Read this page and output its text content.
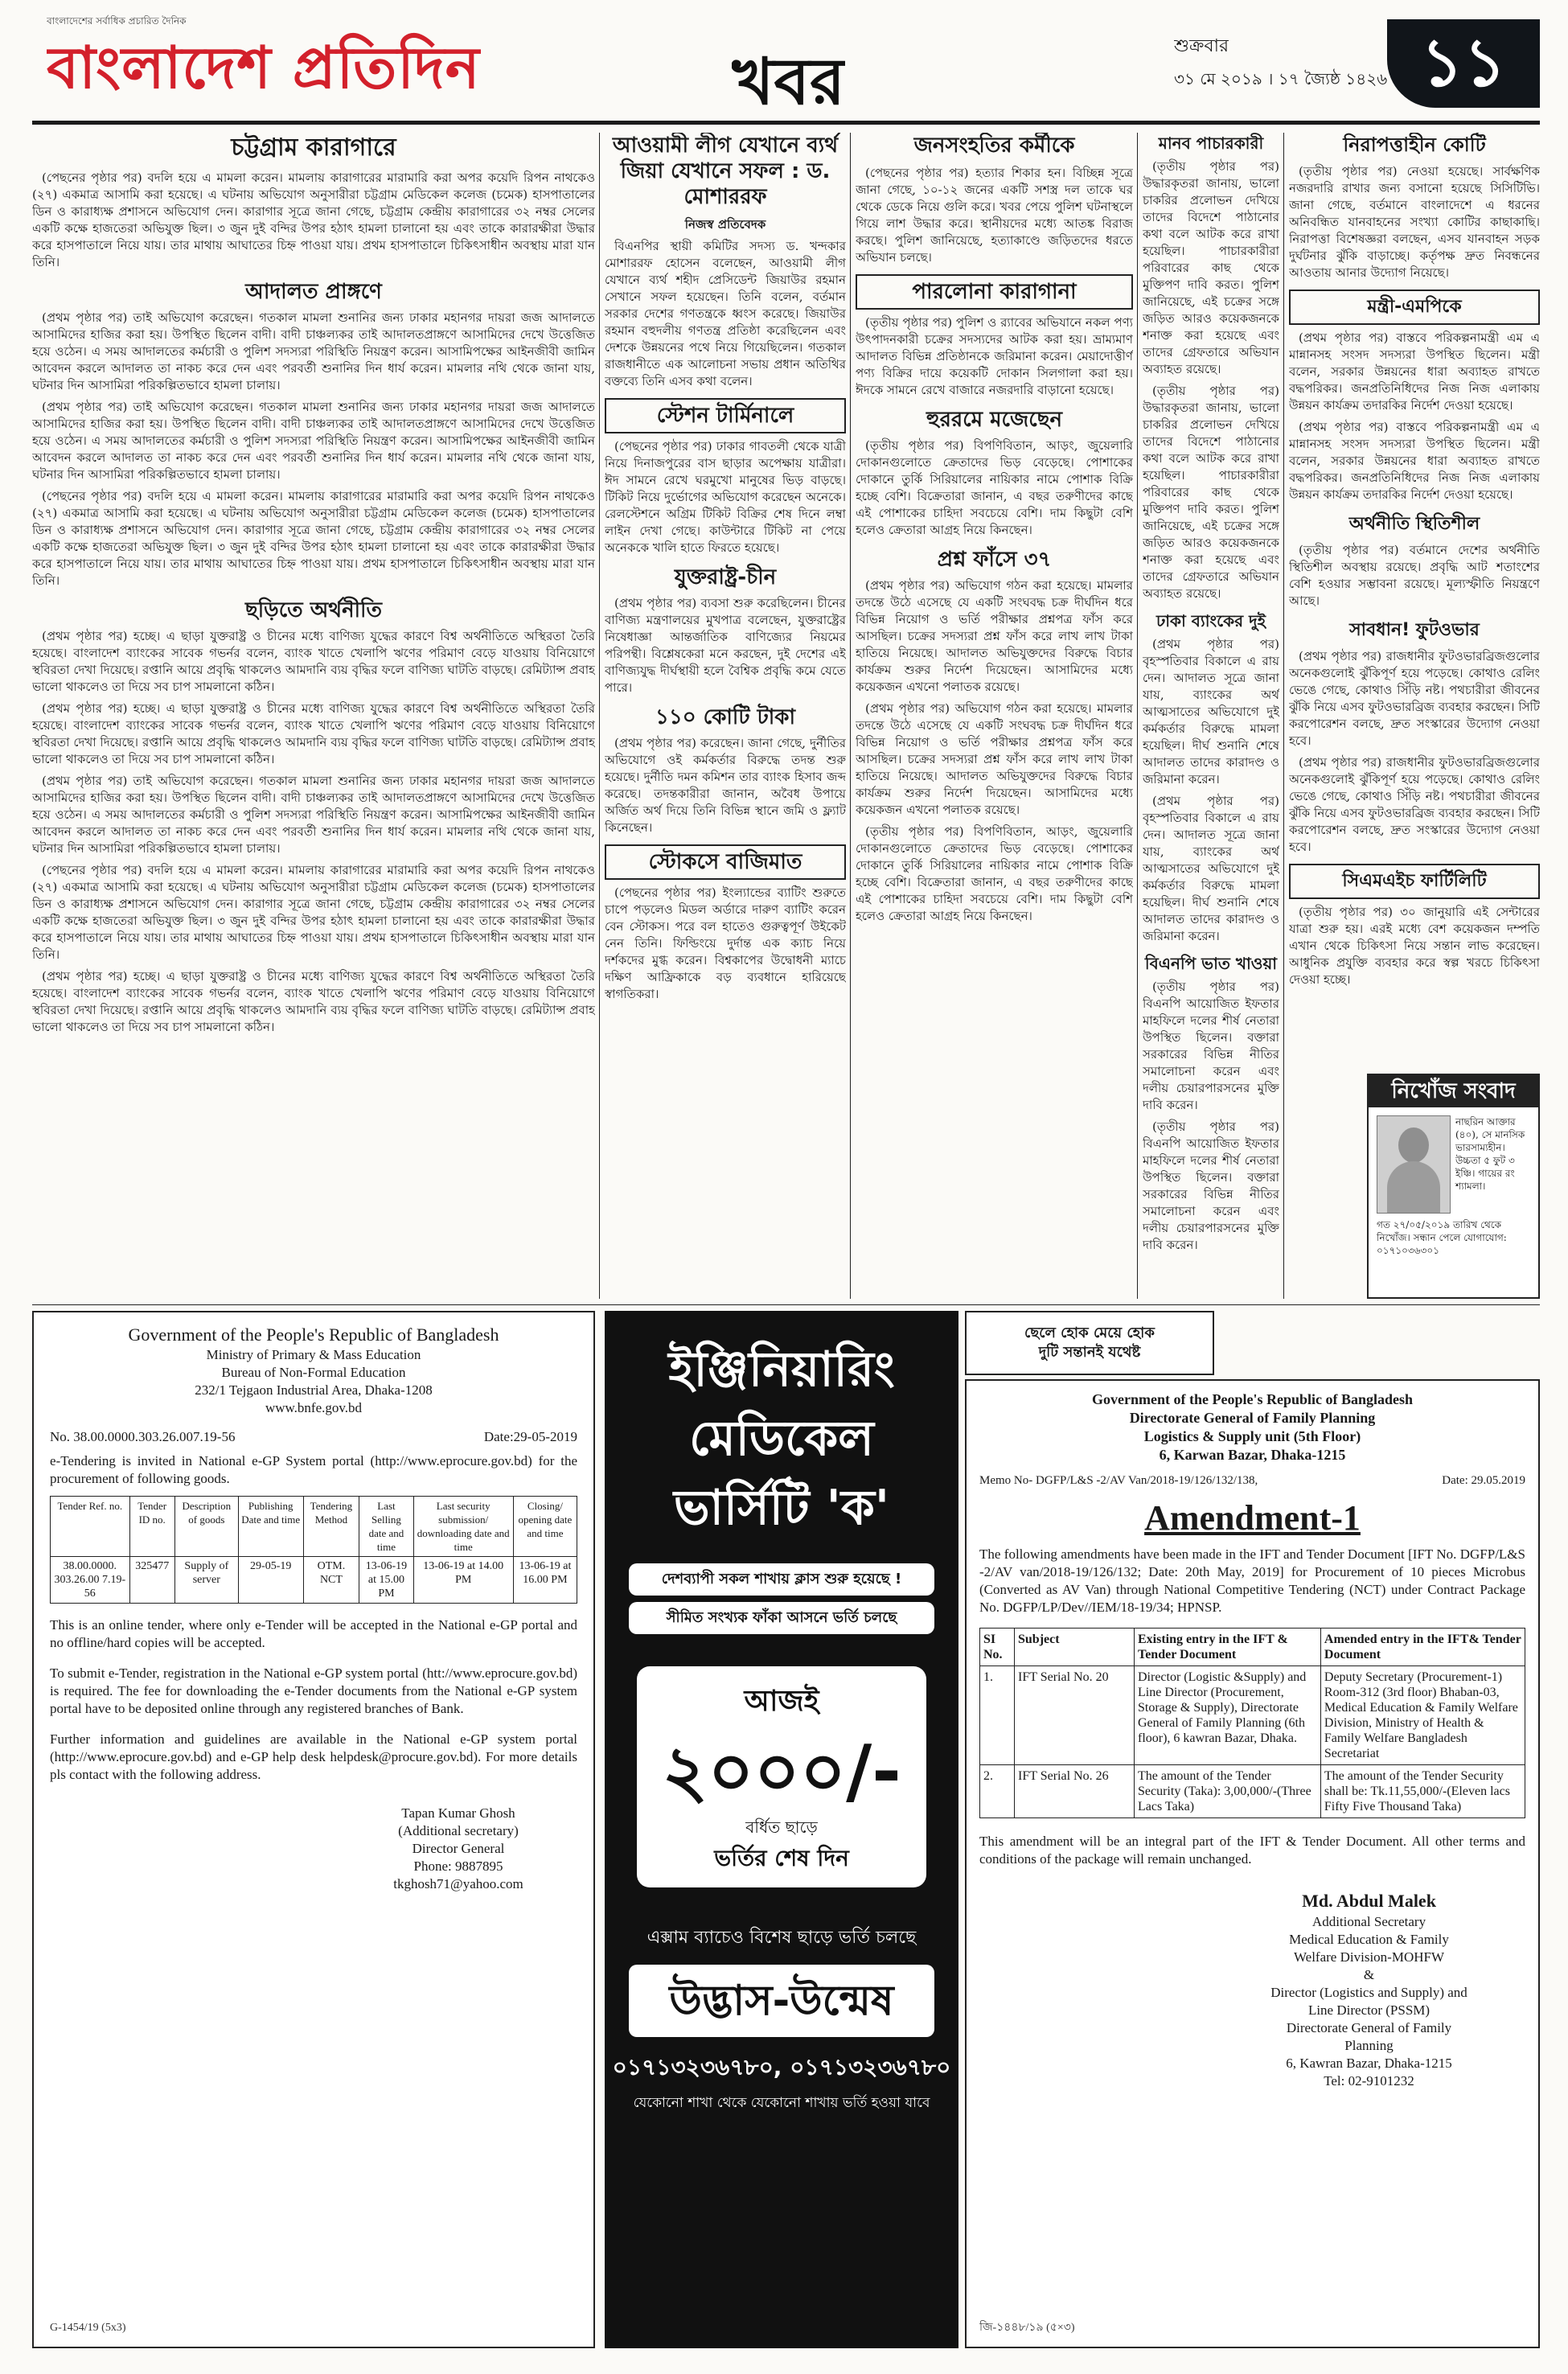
বাংলাদেশের সর্বাধিক প্রচারিত দৈনিক
বাংলাদেশ প্রতিদিন	খবর	শুক্রবার
৩১ মে ২০১৯ । ১৭ জ্যৈষ্ঠ ১৪২৬ ১১
চট্টগ্রাম কারাগারে

(পেছনের পৃষ্ঠার পর) বদলি হয়ে এ মামলা করেন। মামলায় কারাগারের মারামারি করা অপর কয়েদি রিপন নাথকেও (২৭) একমাত্র আসামি করা হয়েছে। এ ঘটনায় অভিযোগ অনুসারীরা চট্টগ্রাম মেডিকেল কলেজ (চমেক) হাসপাতালের ডিন ও কারাধ্যক্ষ প্রশাসনে অভিযোগ দেন। কারাগার সূত্রে জানা গেছে, চট্টগ্রাম কেন্দ্রীয় কারাগারের ৩২ নম্বর সেলের একটি কক্ষে হাজতেরা অভিযুক্ত ছিল। ৩ জুন দুই বন্দির উপর হঠাৎ হামলা চালানো হয় এবং তাকে কারারক্ষীরা উদ্ধার করে হাসপাতালে নিয়ে যায়। তার মাথায় আঘাতের চিহ্ন পাওয়া যায়। প্রথম হাসপাতালে চিকিৎসাধীন অবস্থায় মারা যান তিনি।

আদালত প্রাঙ্গণে

(প্রথম পৃষ্ঠার পর) তাই অভিযোগ করেছেন। গতকাল মামলা শুনানির জন্য ঢাকার মহানগর দায়রা জজ আদালতে আসামিদের হাজির করা হয়। উপস্থিত ছিলেন বাদী। বাদী চাঞ্চল্যকর তাই আদালতপ্রাঙ্গণে আসামিদের দেখে উত্তেজিত হয়ে ওঠেন। এ সময় আদালতের কর্মচারী ও পুলিশ সদস্যরা পরিস্থিতি নিয়ন্ত্রণ করেন। আসামিপক্ষের আইনজীবী জামিন আবেদন করলে আদালত তা নাকচ করে দেন এবং পরবর্তী শুনানির দিন ধার্য করেন। মামলার নথি থেকে জানা যায়, ঘটনার দিন আসামিরা পরিকল্পিতভাবে হামলা চালায়।

(প্রথম পৃষ্ঠার পর) তাই অভিযোগ করেছেন। গতকাল মামলা শুনানির জন্য ঢাকার মহানগর দায়রা জজ আদালতে আসামিদের হাজির করা হয়। উপস্থিত ছিলেন বাদী। বাদী চাঞ্চল্যকর তাই আদালতপ্রাঙ্গণে আসামিদের দেখে উত্তেজিত হয়ে ওঠেন। এ সময় আদালতের কর্মচারী ও পুলিশ সদস্যরা পরিস্থিতি নিয়ন্ত্রণ করেন। আসামিপক্ষের আইনজীবী জামিন আবেদন করলে আদালত তা নাকচ করে দেন এবং পরবর্তী শুনানির দিন ধার্য করেন। মামলার নথি থেকে জানা যায়, ঘটনার দিন আসামিরা পরিকল্পিতভাবে হামলা চালায়।

(পেছনের পৃষ্ঠার পর) বদলি হয়ে এ মামলা করেন। মামলায় কারাগারের মারামারি করা অপর কয়েদি রিপন নাথকেও (২৭) একমাত্র আসামি করা হয়েছে। এ ঘটনায় অভিযোগ অনুসারীরা চট্টগ্রাম মেডিকেল কলেজ (চমেক) হাসপাতালের ডিন ও কারাধ্যক্ষ প্রশাসনে অভিযোগ দেন। কারাগার সূত্রে জানা গেছে, চট্টগ্রাম কেন্দ্রীয় কারাগারের ৩২ নম্বর সেলের একটি কক্ষে হাজতেরা অভিযুক্ত ছিল। ৩ জুন দুই বন্দির উপর হঠাৎ হামলা চালানো হয় এবং তাকে কারারক্ষীরা উদ্ধার করে হাসপাতালে নিয়ে যায়। তার মাথায় আঘাতের চিহ্ন পাওয়া যায়। প্রথম হাসপাতালে চিকিৎসাধীন অবস্থায় মারা যান তিনি।

ছড়িতে অর্থনীতি

(প্রথম পৃষ্ঠার পর) হচ্ছে। এ ছাড়া যুক্তরাষ্ট্র ও চীনের মধ্যে বাণিজ্য যুদ্ধের কারণে বিশ্ব অর্থনীতিতে অস্থিরতা তৈরি হয়েছে। বাংলাদেশ ব্যাংকের সাবেক গভর্নর বলেন, ব্যাংক খাতে খেলাপি ঋণের পরিমাণ বেড়ে যাওয়ায় বিনিয়োগে স্থবিরতা দেখা দিয়েছে। রপ্তানি আয়ে প্রবৃদ্ধি থাকলেও আমদানি ব্যয় বৃদ্ধির ফলে বাণিজ্য ঘাটতি বাড়ছে। রেমিট্যান্স প্রবাহ ভালো থাকলেও তা দিয়ে সব চাপ সামলানো কঠিন।

(প্রথম পৃষ্ঠার পর) হচ্ছে। এ ছাড়া যুক্তরাষ্ট্র ও চীনের মধ্যে বাণিজ্য যুদ্ধের কারণে বিশ্ব অর্থনীতিতে অস্থিরতা তৈরি হয়েছে। বাংলাদেশ ব্যাংকের সাবেক গভর্নর বলেন, ব্যাংক খাতে খেলাপি ঋণের পরিমাণ বেড়ে যাওয়ায় বিনিয়োগে স্থবিরতা দেখা দিয়েছে। রপ্তানি আয়ে প্রবৃদ্ধি থাকলেও আমদানি ব্যয় বৃদ্ধির ফলে বাণিজ্য ঘাটতি বাড়ছে। রেমিট্যান্স প্রবাহ ভালো থাকলেও তা দিয়ে সব চাপ সামলানো কঠিন।

(প্রথম পৃষ্ঠার পর) তাই অভিযোগ করেছেন। গতকাল মামলা শুনানির জন্য ঢাকার মহানগর দায়রা জজ আদালতে আসামিদের হাজির করা হয়। উপস্থিত ছিলেন বাদী। বাদী চাঞ্চল্যকর তাই আদালতপ্রাঙ্গণে আসামিদের দেখে উত্তেজিত হয়ে ওঠেন। এ সময় আদালতের কর্মচারী ও পুলিশ সদস্যরা পরিস্থিতি নিয়ন্ত্রণ করেন। আসামিপক্ষের আইনজীবী জামিন আবেদন করলে আদালত তা নাকচ করে দেন এবং পরবর্তী শুনানির দিন ধার্য করেন। মামলার নথি থেকে জানা যায়, ঘটনার দিন আসামিরা পরিকল্পিতভাবে হামলা চালায়।

(পেছনের পৃষ্ঠার পর) বদলি হয়ে এ মামলা করেন। মামলায় কারাগারের মারামারি করা অপর কয়েদি রিপন নাথকেও (২৭) একমাত্র আসামি করা হয়েছে। এ ঘটনায় অভিযোগ অনুসারীরা চট্টগ্রাম মেডিকেল কলেজ (চমেক) হাসপাতালের ডিন ও কারাধ্যক্ষ প্রশাসনে অভিযোগ দেন। কারাগার সূত্রে জানা গেছে, চট্টগ্রাম কেন্দ্রীয় কারাগারের ৩২ নম্বর সেলের একটি কক্ষে হাজতেরা অভিযুক্ত ছিল। ৩ জুন দুই বন্দির উপর হঠাৎ হামলা চালানো হয় এবং তাকে কারারক্ষীরা উদ্ধার করে হাসপাতালে নিয়ে যায়। তার মাথায় আঘাতের চিহ্ন পাওয়া যায়। প্রথম হাসপাতালে চিকিৎসাধীন অবস্থায় মারা যান তিনি।

(প্রথম পৃষ্ঠার পর) হচ্ছে। এ ছাড়া যুক্তরাষ্ট্র ও চীনের মধ্যে বাণিজ্য যুদ্ধের কারণে বিশ্ব অর্থনীতিতে অস্থিরতা তৈরি হয়েছে। বাংলাদেশ ব্যাংকের সাবেক গভর্নর বলেন, ব্যাংক খাতে খেলাপি ঋণের পরিমাণ বেড়ে যাওয়ায় বিনিয়োগে স্থবিরতা দেখা দিয়েছে। রপ্তানি আয়ে প্রবৃদ্ধি থাকলেও আমদানি ব্যয় বৃদ্ধির ফলে বাণিজ্য ঘাটতি বাড়ছে। রেমিট্যান্স প্রবাহ ভালো থাকলেও তা দিয়ে সব চাপ সামলানো কঠিন।

আওয়ামী লীগ যেখানে ব্যর্থ জিয়া যেখানে সফল : ড. মোশাররফ
নিজস্ব প্রতিবেদক

বিএনপির স্থায়ী কমিটির সদস্য ড. খন্দকার মোশাররফ হোসেন বলেছেন, আওয়ামী লীগ যেখানে ব্যর্থ শহীদ প্রেসিডেন্ট জিয়াউর রহমান সেখানে সফল হয়েছেন। তিনি বলেন, বর্তমান সরকার দেশের গণতন্ত্রকে ধ্বংস করেছে। জিয়াউর রহমান বহুদলীয় গণতন্ত্র প্রতিষ্ঠা করেছিলেন এবং দেশকে উন্নয়নের পথে নিয়ে গিয়েছিলেন। গতকাল রাজধানীতে এক আলোচনা সভায় প্রধান অতিথির বক্তব্যে তিনি এসব কথা বলেন।

স্টেশন টার্মিনালে

(পেছনের পৃষ্ঠার পর) ঢাকার গাবতলী থেকে যাত্রী নিয়ে দিনাজপুরের বাস ছাড়ার অপেক্ষায় যাত্রীরা। ঈদ সামনে রেখে ঘরমুখো মানুষের ভিড় বাড়ছে। টিকিট নিয়ে দুর্ভোগের অভিযোগ করেছেন অনেকে। রেলস্টেশনে অগ্রিম টিকিট বিক্রির শেষ দিনে লম্বা লাইন দেখা গেছে। কাউন্টারে টিকিট না পেয়ে অনেককে খালি হাতে ফিরতে হয়েছে।

যুক্তরাষ্ট্র-চীন

(প্রথম পৃষ্ঠার পর) ব্যবসা শুরু করেছিলেন। চীনের বাণিজ্য মন্ত্রণালয়ের মুখপাত্র বলেছেন, যুক্তরাষ্ট্রের নিষেধাজ্ঞা আন্তর্জাতিক বাণিজ্যের নিয়মের পরিপন্থী। বিশ্লেষকেরা মনে করছেন, দুই দেশের এই বাণিজ্যযুদ্ধ দীর্ঘস্থায়ী হলে বৈশ্বিক প্রবৃদ্ধি কমে যেতে পারে।

১১০ কোটি টাকা

(প্রথম পৃষ্ঠার পর) করেছেন। জানা গেছে, দুর্নীতির অভিযোগে ওই কর্মকর্তার বিরুদ্ধে তদন্ত শুরু হয়েছে। দুর্নীতি দমন কমিশন তার ব্যাংক হিসাব জব্দ করেছে। তদন্তকারীরা জানান, অবৈধ উপায়ে অর্জিত অর্থ দিয়ে তিনি বিভিন্ন স্থানে জমি ও ফ্ল্যাট কিনেছেন।

স্টোকসে বাজিমাত

(পেছনের পৃষ্ঠার পর) ইংল্যান্ডের ব্যাটিং শুরুতে চাপে পড়লেও মিডল অর্ডারে দারুণ ব্যাটিং করেন বেন স্টোকস। পরে বল হাতেও গুরুত্বপূর্ণ উইকেট নেন তিনি। ফিল্ডিংয়ে দুর্দান্ত এক ক্যাচ নিয়ে দর্শকদের মুগ্ধ করেন। বিশ্বকাপের উদ্বোধনী ম্যাচে দক্ষিণ আফ্রিকাকে বড় ব্যবধানে হারিয়েছে স্বাগতিকরা।

জনসংহতির কর্মীকে

(পেছনের পৃষ্ঠার পর) হত্যার শিকার হন। বিচ্ছিন্ন সূত্রে জানা গেছে, ১০-১২ জনের একটি সশস্ত্র দল তাকে ঘর থেকে ডেকে নিয়ে গুলি করে। খবর পেয়ে পুলিশ ঘটনাস্থলে গিয়ে লাশ উদ্ধার করে। স্থানীয়দের মধ্যে আতঙ্ক বিরাজ করছে। পুলিশ জানিয়েছে, হত্যাকাণ্ডে জড়িতদের ধরতে অভিযান চলছে।

পারলোনা কারাগানা

(তৃতীয় পৃষ্ঠার পর) পুলিশ ও র‍্যাবের অভিযানে নকল পণ্য উৎপাদনকারী চক্রের সদস্যদের আটক করা হয়। ভ্রাম্যমাণ আদালত বিভিন্ন প্রতিষ্ঠানকে জরিমানা করেন। মেয়াদোত্তীর্ণ পণ্য বিক্রির দায়ে কয়েকটি দোকান সিলগালা করা হয়। ঈদকে সামনে রেখে বাজারে নজরদারি বাড়ানো হয়েছে।

হুররমে মজেছেন

(তৃতীয় পৃষ্ঠার পর) বিপণিবিতান, আড়ং, জুয়েলারি দোকানগুলোতে ক্রেতাদের ভিড় বেড়েছে। পোশাকের দোকানে তুর্কি সিরিয়ালের নায়িকার নামে পোশাক বিক্রি হচ্ছে বেশি। বিক্রেতারা জানান, এ বছর তরুণীদের কাছে এই পোশাকের চাহিদা সবচেয়ে বেশি। দাম কিছুটা বেশি হলেও ক্রেতারা আগ্রহ নিয়ে কিনছেন।

প্রশ্ন ফাঁসে ৩৭

(প্রথম পৃষ্ঠার পর) অভিযোগ গঠন করা হয়েছে। মামলার তদন্তে উঠে এসেছে যে একটি সংঘবদ্ধ চক্র দীর্ঘদিন ধরে বিভিন্ন নিয়োগ ও ভর্তি পরীক্ষার প্রশ্নপত্র ফাঁস করে আসছিল। চক্রের সদস্যরা প্রশ্ন ফাঁস করে লাখ লাখ টাকা হাতিয়ে নিয়েছে। আদালত অভিযুক্তদের বিরুদ্ধে বিচার কার্যক্রম শুরুর নির্দেশ দিয়েছেন। আসামিদের মধ্যে কয়েকজন এখনো পলাতক রয়েছে।

(প্রথম পৃষ্ঠার পর) অভিযোগ গঠন করা হয়েছে। মামলার তদন্তে উঠে এসেছে যে একটি সংঘবদ্ধ চক্র দীর্ঘদিন ধরে বিভিন্ন নিয়োগ ও ভর্তি পরীক্ষার প্রশ্নপত্র ফাঁস করে আসছিল। চক্রের সদস্যরা প্রশ্ন ফাঁস করে লাখ লাখ টাকা হাতিয়ে নিয়েছে। আদালত অভিযুক্তদের বিরুদ্ধে বিচার কার্যক্রম শুরুর নির্দেশ দিয়েছেন। আসামিদের মধ্যে কয়েকজন এখনো পলাতক রয়েছে।

(তৃতীয় পৃষ্ঠার পর) বিপণিবিতান, আড়ং, জুয়েলারি দোকানগুলোতে ক্রেতাদের ভিড় বেড়েছে। পোশাকের দোকানে তুর্কি সিরিয়ালের নায়িকার নামে পোশাক বিক্রি হচ্ছে বেশি। বিক্রেতারা জানান, এ বছর তরুণীদের কাছে এই পোশাকের চাহিদা সবচেয়ে বেশি। দাম কিছুটা বেশি হলেও ক্রেতারা আগ্রহ নিয়ে কিনছেন।

মানব পাচারকারী

(তৃতীয় পৃষ্ঠার পর) উদ্ধারকৃতরা জানায়, ভালো চাকরির প্রলোভন দেখিয়ে তাদের বিদেশে পাঠানোর কথা বলে আটক করে রাখা হয়েছিল। পাচারকারীরা পরিবারের কাছ থেকে মুক্তিপণ দাবি করত। পুলিশ জানিয়েছে, এই চক্রের সঙ্গে জড়িত আরও কয়েকজনকে শনাক্ত করা হয়েছে এবং তাদের গ্রেফতারে অভিযান অব্যাহত রয়েছে।

(তৃতীয় পৃষ্ঠার পর) উদ্ধারকৃতরা জানায়, ভালো চাকরির প্রলোভন দেখিয়ে তাদের বিদেশে পাঠানোর কথা বলে আটক করে রাখা হয়েছিল। পাচারকারীরা পরিবারের কাছ থেকে মুক্তিপণ দাবি করত। পুলিশ জানিয়েছে, এই চক্রের সঙ্গে জড়িত আরও কয়েকজনকে শনাক্ত করা হয়েছে এবং তাদের গ্রেফতারে অভিযান অব্যাহত রয়েছে।

ঢাকা ব্যাংকের দুই

(প্রথম পৃষ্ঠার পর) বৃহস্পতিবার বিকালে এ রায় দেন। আদালত সূত্রে জানা যায়, ব্যাংকের অর্থ আত্মসাতের অভিযোগে দুই কর্মকর্তার বিরুদ্ধে মামলা হয়েছিল। দীর্ঘ শুনানি শেষে আদালত তাদের কারাদণ্ড ও জরিমানা করেন।

(প্রথম পৃষ্ঠার পর) বৃহস্পতিবার বিকালে এ রায় দেন। আদালত সূত্রে জানা যায়, ব্যাংকের অর্থ আত্মসাতের অভিযোগে দুই কর্মকর্তার বিরুদ্ধে মামলা হয়েছিল। দীর্ঘ শুনানি শেষে আদালত তাদের কারাদণ্ড ও জরিমানা করেন।

বিএনপি ভাত খাওয়া

(তৃতীয় পৃষ্ঠার পর) বিএনপি আয়োজিত ইফতার মাহফিলে দলের শীর্ষ নেতারা উপস্থিত ছিলেন। বক্তারা সরকারের বিভিন্ন নীতির সমালোচনা করেন এবং দলীয় চেয়ারপারসনের মুক্তি দাবি করেন।

(তৃতীয় পৃষ্ঠার পর) বিএনপি আয়োজিত ইফতার মাহফিলে দলের শীর্ষ নেতারা উপস্থিত ছিলেন। বক্তারা সরকারের বিভিন্ন নীতির সমালোচনা করেন এবং দলীয় চেয়ারপারসনের মুক্তি দাবি করেন।

নিরাপত্তাহীন কোটি

(তৃতীয় পৃষ্ঠার পর) নেওয়া হয়েছে। সার্বক্ষণিক নজরদারি রাখার জন্য বসানো হয়েছে সিসিটিভি। জানা গেছে, বর্তমানে বাংলাদেশে এ ধরনের অনিবন্ধিত যানবাহনের সংখ্যা কোটির কাছাকাছি। নিরাপত্তা বিশেষজ্ঞরা বলছেন, এসব যানবাহন সড়ক দুর্ঘটনার ঝুঁকি বাড়াচ্ছে। কর্তৃপক্ষ দ্রুত নিবন্ধনের আওতায় আনার উদ্যোগ নিয়েছে।

মন্ত্রী-এমপিকে

(প্রথম পৃষ্ঠার পর) বাস্তবে পরিকল্পনামন্ত্রী এম এ মান্নানসহ সংসদ সদস্যরা উপস্থিত ছিলেন। মন্ত্রী বলেন, সরকার উন্নয়নের ধারা অব্যাহত রাখতে বদ্ধপরিকর। জনপ্রতিনিধিদের নিজ নিজ এলাকায় উন্নয়ন কার্যক্রম তদারকির নির্দেশ দেওয়া হয়েছে।

(প্রথম পৃষ্ঠার পর) বাস্তবে পরিকল্পনামন্ত্রী এম এ মান্নানসহ সংসদ সদস্যরা উপস্থিত ছিলেন। মন্ত্রী বলেন, সরকার উন্নয়নের ধারা অব্যাহত রাখতে বদ্ধপরিকর। জনপ্রতিনিধিদের নিজ নিজ এলাকায় উন্নয়ন কার্যক্রম তদারকির নির্দেশ দেওয়া হয়েছে।

অর্থনীতি স্থিতিশীল

(তৃতীয় পৃষ্ঠার পর) বর্তমানে দেশের অর্থনীতি স্থিতিশীল অবস্থায় রয়েছে। প্রবৃদ্ধি আট শতাংশের বেশি হওয়ার সম্ভাবনা রয়েছে। মূল্যস্ফীতি নিয়ন্ত্রণে আছে।

সাবধান! ফুটওভার

(প্রথম পৃষ্ঠার পর) রাজধানীর ফুটওভারব্রিজগুলোর অনেকগুলোই ঝুঁকিপূর্ণ হয়ে পড়েছে। কোথাও রেলিং ভেঙে গেছে, কোথাও সিঁড়ি নষ্ট। পথচারীরা জীবনের ঝুঁকি নিয়ে এসব ফুটওভারব্রিজ ব্যবহার করছেন। সিটি করপোরেশন বলছে, দ্রুত সংস্কারের উদ্যোগ নেওয়া হবে।

(প্রথম পৃষ্ঠার পর) রাজধানীর ফুটওভারব্রিজগুলোর অনেকগুলোই ঝুঁকিপূর্ণ হয়ে পড়েছে। কোথাও রেলিং ভেঙে গেছে, কোথাও সিঁড়ি নষ্ট। পথচারীরা জীবনের ঝুঁকি নিয়ে এসব ফুটওভারব্রিজ ব্যবহার করছেন। সিটি করপোরেশন বলছে, দ্রুত সংস্কারের উদ্যোগ নেওয়া হবে।

সিএমএইচ ফার্টিলিটি

(তৃতীয় পৃষ্ঠার পর) ৩০ জানুয়ারি এই সেন্টারের যাত্রা শুরু হয়। এরই মধ্যে বেশ কয়েকজন দম্পতি এখান থেকে চিকিৎসা নিয়ে সন্তান লাভ করেছেন। আধুনিক প্রযুক্তি ব্যবহার করে স্বল্প খরচে চিকিৎসা দেওয়া হচ্ছে।

নিখোঁজ সংবাদ
নাছরিন আক্তার (৪০), সে মানসিক ভারসাম্যহীন। উচ্চতা ৫ ফুট ৩ ইঞ্চি। গায়ের রং শ্যামলা।
গত ২৭/০৫/২০১৯ তারিখ থেকে নিখোঁজ। সন্ধান পেলে যোগাযোগ: ০১৭১০৩৬৩০১
ছেলে হোক মেয়ে হোক
দুটি সন্তানই যথেষ্ট
Government of the People's Republic of Bangladesh
Ministry of Primary & Mass Education
Bureau of Non-Formal Education
232/1 Tejgaon Industrial Area, Dhaka-1208
www.bnfe.gov.bd
No. 38.00.0000.303.26.007.19-56	Date:29-05-2019
e-Tendering is invited in National e-GP System portal (http://www.eprocure.gov.bd) for the procurement of following goods.
Tender Ref. no.	Tender ID no.	Description of goods	Publishing Date and time	Tendering Method	Last Selling date and time	Last security submission/ downloading date and time	Closing/ opening date and time
38.00.0000. 303.26.00 7.19-56	325477	Supply of server	29-05-19	OTM. NCT	13-06-19 at 15.00 PM	13-06-19 at 14.00 PM	13-06-19 at 16.00 PM
This is an online tender, where only e-Tender will be accepted in the National e-GP portal and no offline/hard copies will be accepted.
To submit e-Tender, registration in the National e-GP system portal (htt://www.eprocure.gov.bd) is required. The fee for downloading the e-Tender documents from the National e-GP system portal have to be deposited online through any registered branches of Bank.
Further information and guidelines are available in the National e-GP system portal (http://www.eprocure.gov.bd) and e-GP help desk helpdesk@procure.gov.bd). For more details pls contact with the following address.
Tapan Kumar Ghosh
(Additional secretary)
Director General
Phone: 9887895
tkghosh71@yahoo.com
G-1454/19 (5x3)
ইঞ্জিনিয়ারিং
মেডিকেল
ভার্সিটি 'ক'
দেশব্যাপী সকল শাখায় ক্লাস শুরু হয়েছে !
সীমিত সংখ্যক ফাঁকা আসনে ভর্তি চলছে
আজই
২০০০/-
বর্ধিত ছাড়ে
ভর্তির শেষ দিন
এক্সাম ব্যাচেও বিশেষ ছাড়ে ভর্তি চলছে
উদ্ভাস-উন্মেষ
০১৭১৩২৩৬৭৮০, ০১৭১৩২৩৬৭৮০
যেকোনো শাখা থেকে যেকোনো শাখায় ভর্তি হওয়া যাবে
Government of the People's Republic of Bangladesh
Directorate General of Family Planning
Logistics & Supply unit (5th Floor)
6, Karwan Bazar, Dhaka-1215
Memo No- DGFP/L&S -2/AV Van/2018-19/126/132/138,	Date: 29.05.2019
Amendment-1
The following amendments have been made in the IFT and Tender Document [IFT No. DGFP/L&S -2/AV van/2018-19/126/132; Date: 20th May, 2019] for Procurement of 10 pieces Microbus (Converted as AV Van) through National Competitive Tendering (NCT) under Contract Package No. DGFP/LP/Dev//IEM/18-19/34; HPNSP.
SI No.	Subject	Existing entry in the IFT & Tender Document	Amended entry in the IFT& Tender Document
1.	IFT Serial No. 20	Director (Logistic &Supply) and Line Director (Procurement, Storage & Supply), Directorate General of Family Planning (6th floor), 6 kawran Bazar, Dhaka.	Deputy Secretary (Procurement-1) Room-312 (3rd floor) Bhaban-03, Medical Education & Family Welfare Division, Ministry of Health & Family Welfare Bangladesh Secretariat
2.	IFT Serial No. 26	The amount of the Tender Security (Taka): 3,00,000/-(Three Lacs Taka)	The amount of the Tender Security shall be: Tk.11,55,000/-(Eleven lacs Fifty Five Thousand Taka)
This amendment will be an integral part of the IFT & Tender Document. All other terms and conditions of the package will remain unchanged.
Md. Abdul Malek
Additional Secretary
Medical Education & Family
Welfare Division-MOHFW
&
Director (Logistics and Supply) and
Line Director (PSSM)
Directorate General of Family
Planning
6, Kawran Bazar, Dhaka-1215
Tel: 02-9101232
জি-১৪৪৮/১৯ (৫×৩)
